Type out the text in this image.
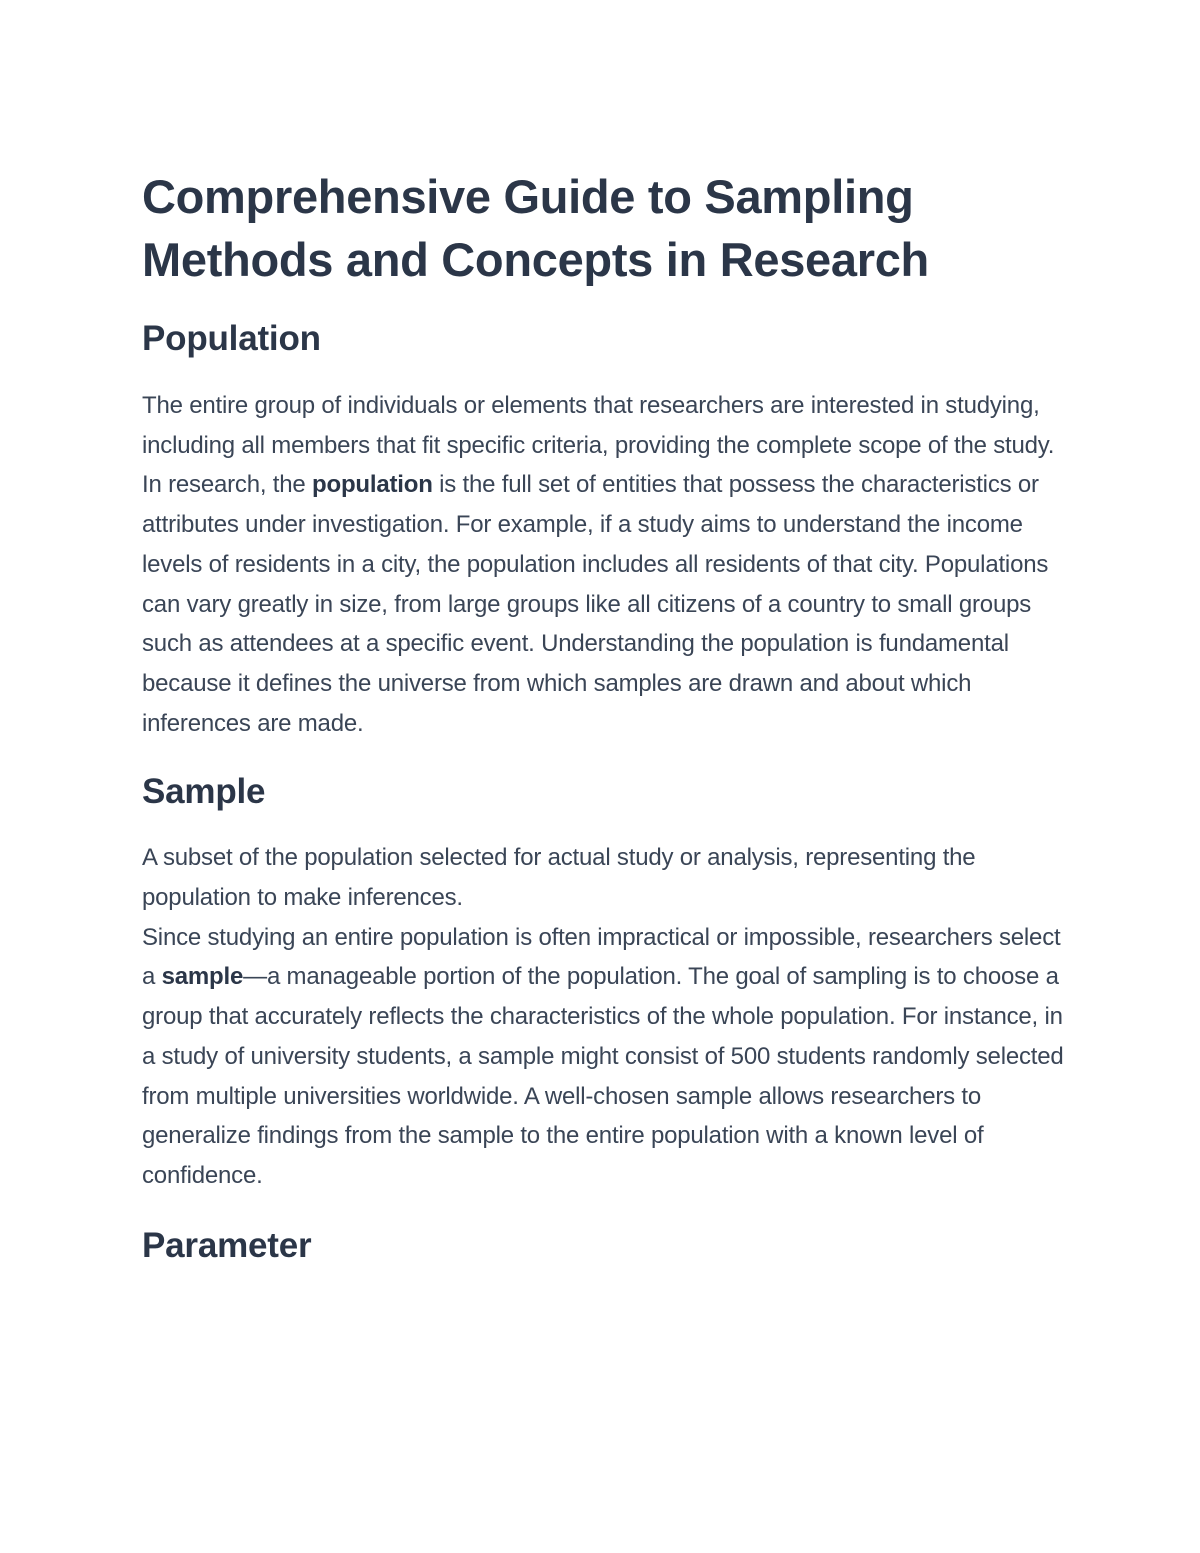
Comprehensive Guide to Sampling Methods and Concepts in Research
Population

The entire group of individuals or elements that researchers are interested in studying, including all members that fit specific criteria, providing the complete scope of the study.

In research, the population is the full set of entities that possess the characteristics or attributes under investigation. For example, if a study aims to understand the income levels of residents in a city, the population includes all residents of that city. Populations can vary greatly in size, from large groups like all citizens of a country to small groups such as attendees at a specific event. Understanding the population is fundamental because it defines the universe from which samples are drawn and about which inferences are made.

Sample

A subset of the population selected for actual study or analysis, representing the population to make inferences.

Since studying an entire population is often impractical or impossible, researchers select a sample—a manageable portion of the population. The goal of sampling is to choose a group that accurately reflects the characteristics of the whole population. For instance, in a study of university students, a sample might consist of 500 students randomly selected from multiple universities worldwide. A well-chosen sample allows researchers to generalize findings from the sample to the entire population with a known level of confidence.

Parameter
